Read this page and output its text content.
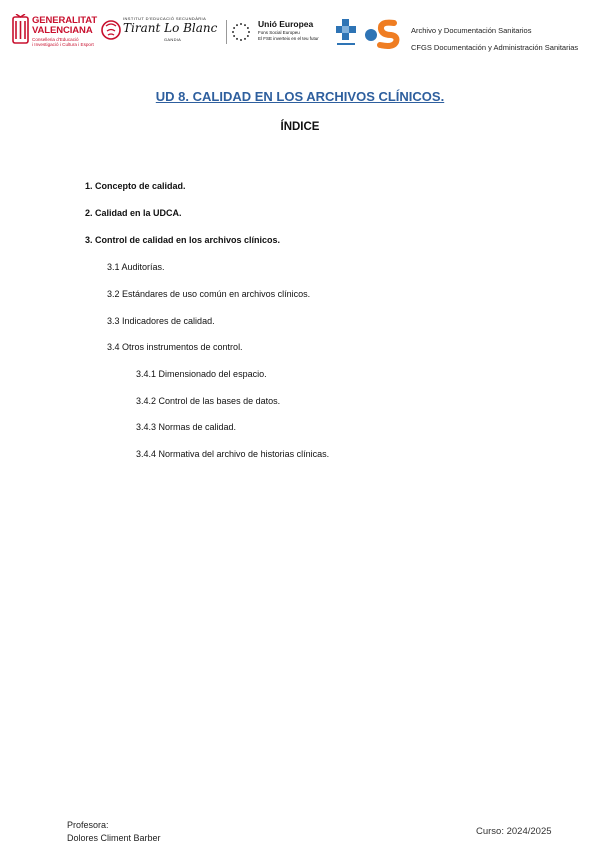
GENERALITAT
VALENCIANA
Conselleria d'Educació
i Investigació i Cultura i Esport
INSTITUT D'EDUCACIÓ SECUNDÀRIA
Tirant Lo Blanc
GANDIA
Unió Europea
Fons Social Europeu
El FSE inverteix en el teu futur
Archivo y Documentación Sanitarios
CFGS Documentación y Administración Sanitarias
UD 8. CALIDAD EN LOS ARCHIVOS CLÍNICOS.
ÍNDICE
1. Concepto de calidad.
2. Calidad en la UDCA.
3. Control de calidad en los archivos clínicos.
3.1 Auditorías.
3.2 Estándares de uso común en archivos clínicos.
3.3 Indicadores de calidad.
3.4 Otros instrumentos de control.
3.4.1 Dimensionado del espacio.
3.4.2 Control de las bases de datos.
3.4.3 Normas de calidad.
3.4.4 Normativa del archivo de historias clínicas.
Profesora:
Dolores Climent Barber
Curso: 2024/2025
